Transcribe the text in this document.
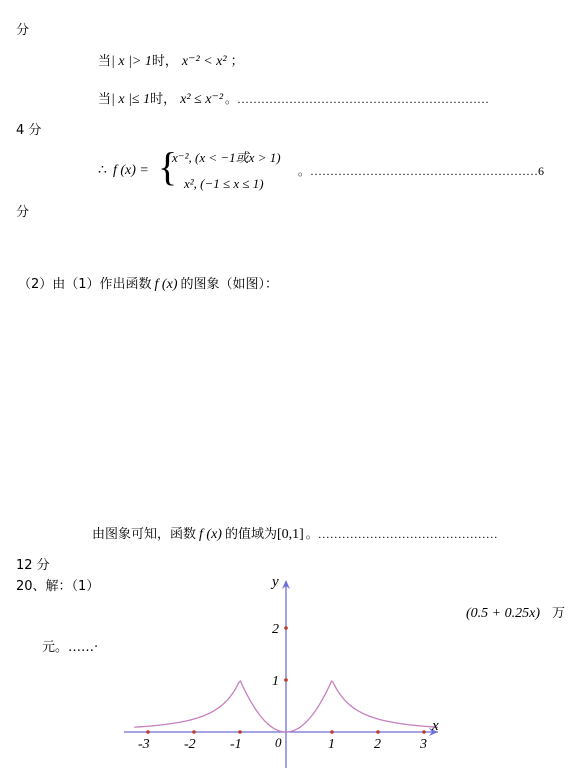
分
当| x |> 1时， x⁻² < x² ；
当| x |≤ 1时， x² ≤ x⁻² 。………………………………………………………
4 分
∴ f (x) = {
x⁻², (x < −1或x > 1)
x², (−1 ≤ x ≤ 1)
。…………………………………………………6
分
（2）由（1）作出函数 f (x) 的图象（如图）：
由图象可知，函数 f (x) 的值域为[0,1] 。………………………………………
12 分
20、解：（1）
(0.5 + 0.25x) 万
元。……·
x
y
0
-3 -2 -1	1	2	3
1
2
